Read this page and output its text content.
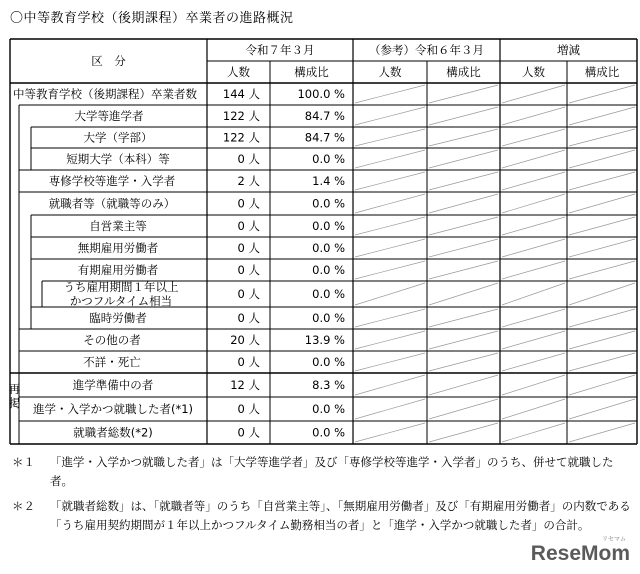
〇中等教育学校（後期課程）卒業者の進路概況
区　分
令和７年３月	（参考）令和６年３月	増減
人数	構成比	人数	構成比	人数	構成比
再
掲
中等教育学校（後期課程）卒業者数 144 人	100.0 %
大学等進学者	122 人	84.7 %
大学（学部）	122 人	84.7 %
短期大学（本科）等	0 人	0.0 %
専修学校等進学・入学者	2 人	1.4 %
就職者等（就職等のみ）	0 人	0.0 %
自営業主等	0 人	0.0 %
無期雇用労働者	0 人	0.0 %
有期雇用労働者	0 人	0.0 %
うち雇用期間１年以上
かつフルタイム相当	0 人	0.0 %
臨時労働者	0 人	0.0 %
その他の者	20 人	13.9 %
不詳・死亡	0 人	0.0 %
進学準備中の者	12 人	8.3 %
進学・入学かつ就職した者(*1)	0 人	0.0 %
就職者総数(*2)	0 人	0.0 %
＊１	「進学・入学かつ就職した者」は「大学等進学者」及び「専修学校等進学・入学者」のうち、併せて就職した者。
＊２	「就職者総数」は、「就職者等」のうち「自営業主等」、「無期雇用労働者」及び「有期雇用労働者」の内数である「うち雇用契約期間が１年以上かつフルタイム勤務相当の者」と「進学・入学かつ就職した者」の合計。
リセマム
ReseMom
